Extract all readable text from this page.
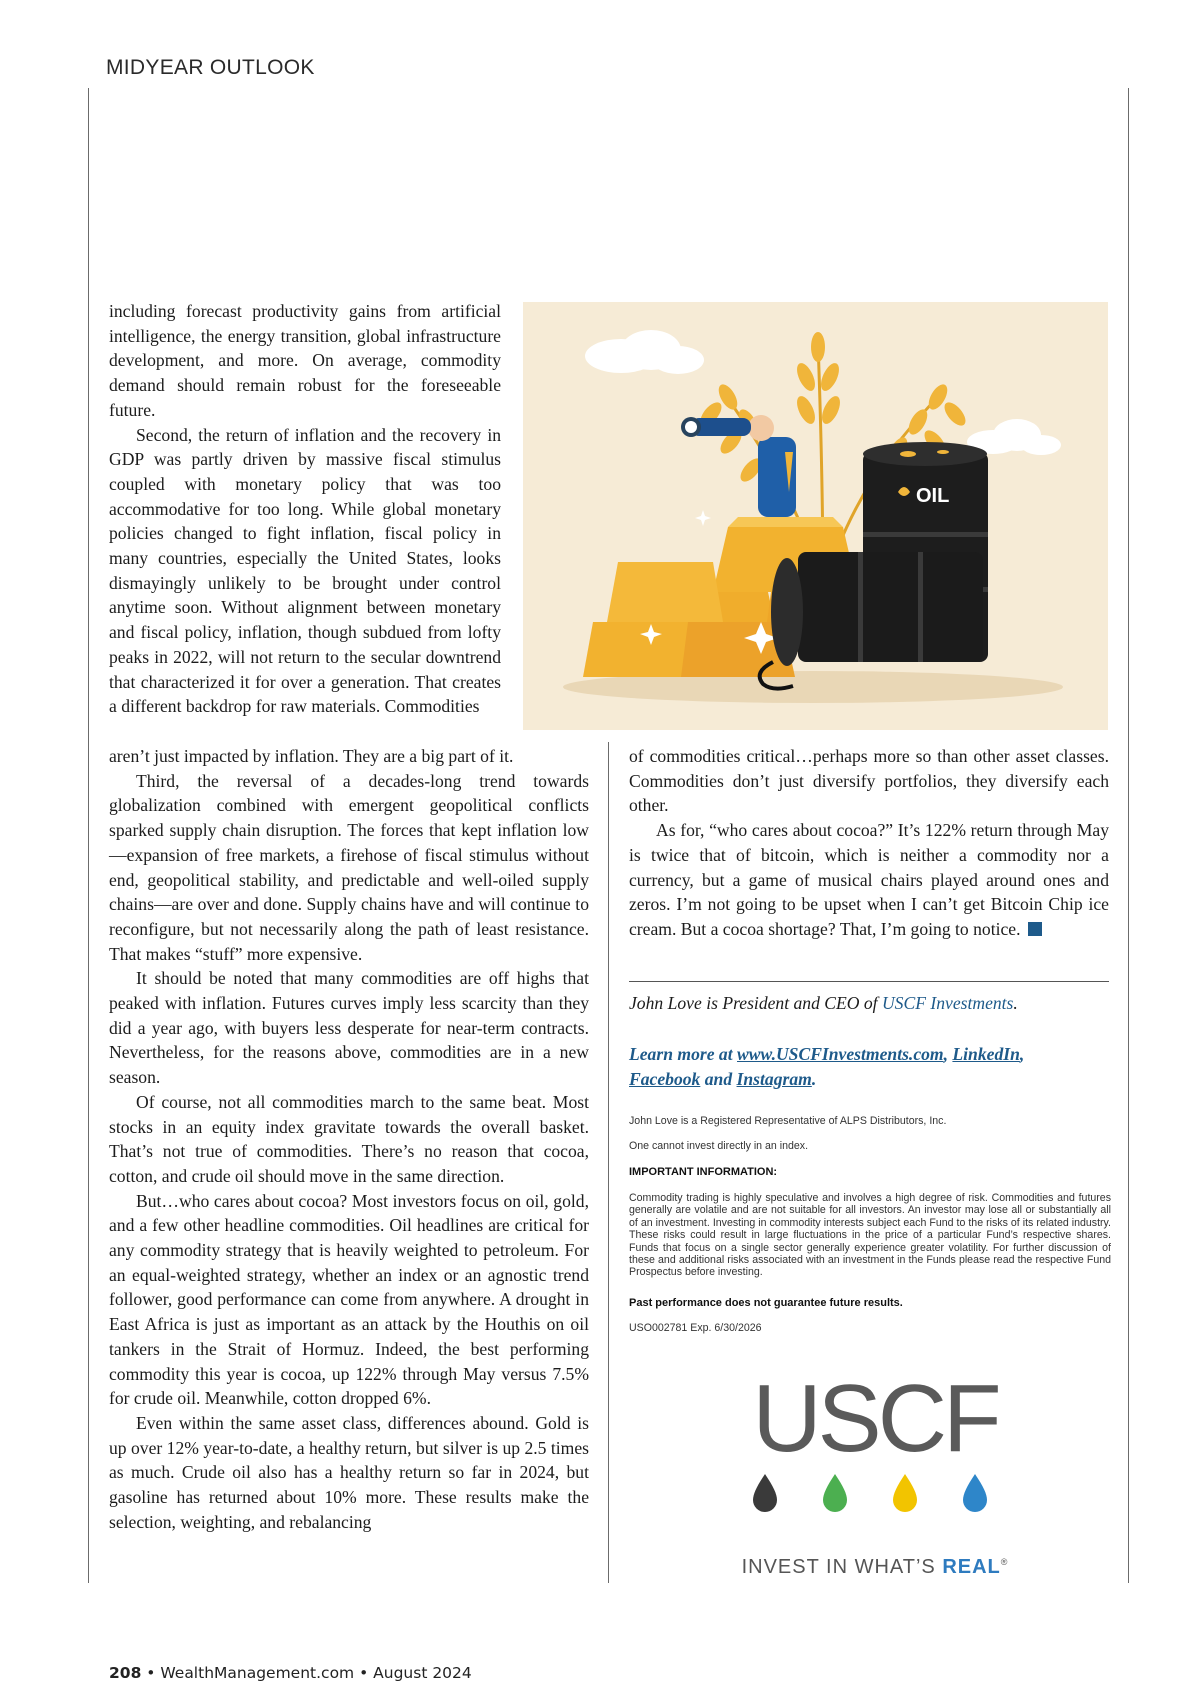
MIDYEAR OUTLOOK

including forecast productivity gains from artificial intelligence, the energy transition, global infrastructure development, and more. On average, commodity demand should remain robust for the foreseeable future.

Second, the return of inflation and the recovery in GDP was partly driven by massive fiscal stimulus coupled with monetary policy that was too accommodative for too long. While global monetary policies changed to fight inflation, fiscal policy in many countries, especially the United States, looks dismayingly unlikely to be brought under control anytime soon. Without alignment between monetary and fiscal policy, inflation, though subdued from lofty peaks in 2022, will not return to the secular downtrend that characterized it for over a generation. That creates a different backdrop for raw materials. Commodities

OIL

aren’t just impacted by inflation. They are a big part of it.

Third, the reversal of a decades-long trend towards globalization combined with emergent geopolitical conflicts sparked supply chain disruption. The forces that kept inflation low—expansion of free markets, a firehose of fiscal stimulus without end, geopolitical stability, and predictable and well-oiled supply chains—are over and done. Supply chains have and will continue to reconfigure, but not necessarily along the path of least resistance. That makes “stuff” more expensive.

It should be noted that many commodities are off highs that peaked with inflation. Futures curves imply less scarcity than they did a year ago, with buyers less desperate for near-term contracts. Nevertheless, for the reasons above, commodities are in a new season.

Of course, not all commodities march to the same beat. Most stocks in an equity index gravitate towards the overall basket. That’s not true of commodities. There’s no reason that cocoa, cotton, and crude oil should move in the same direction.

But…who cares about cocoa? Most investors focus on oil, gold, and a few other headline commodities. Oil headlines are critical for any commodity strategy that is heavily weighted to petroleum. For an equal-weighted strategy, whether an index or an agnostic trend follower, good performance can come from anywhere. A drought in East Africa is just as important as an attack by the Houthis on oil tankers in the Strait of Hormuz. Indeed, the best performing commodity this year is cocoa, up 122% through May versus 7.5% for crude oil. Meanwhile, cotton dropped 6%.

Even within the same asset class, differences abound. Gold is up over 12% year-to-date, a healthy return, but silver is up 2.5 times as much. Crude oil also has a healthy return so far in 2024, but gasoline has returned about 10% more. These results make the selection, weighting, and rebalancing

of commodities critical…perhaps more so than other asset classes. Commodities don’t just diversify portfolios, they diversify each other.

As for, “who cares about cocoa?” It’s 122% return through May is twice that of bitcoin, which is neither a commodity nor a currency, but a game of musical chairs played around ones and zeros. I’m not going to be upset when I can’t get Bitcoin Chip ice cream. But a cocoa shortage? That, I’m going to notice.

John Love is President and CEO of USCF Investments.
Learn more at www.USCFInvestments.com, LinkedIn,
Facebook and Instagram.
John Love is a Registered Representative of ALPS Distributors, Inc.
One cannot invest directly in an index.
IMPORTANT INFORMATION:
Commodity trading is highly speculative and involves a high degree of risk. Commodities and futures generally are volatile and are not suitable for all investors. An investor may lose all or substantially all of an investment. Investing in commodity interests subject each Fund to the risks of its related industry. These risks could result in large fluctuations in the price of a particular Fund’s respective shares. Funds that focus on a single sector generally experience greater volatility. For further discussion of these and additional risks associated with an investment in the Funds please read the respective Fund Prospectus before investing.
Past performance does not guarantee future results.
USO002781 Exp. 6/30/2026
USCF
INVEST IN WHAT’S REAL®
208 • WealthManagement.com • August 2024
